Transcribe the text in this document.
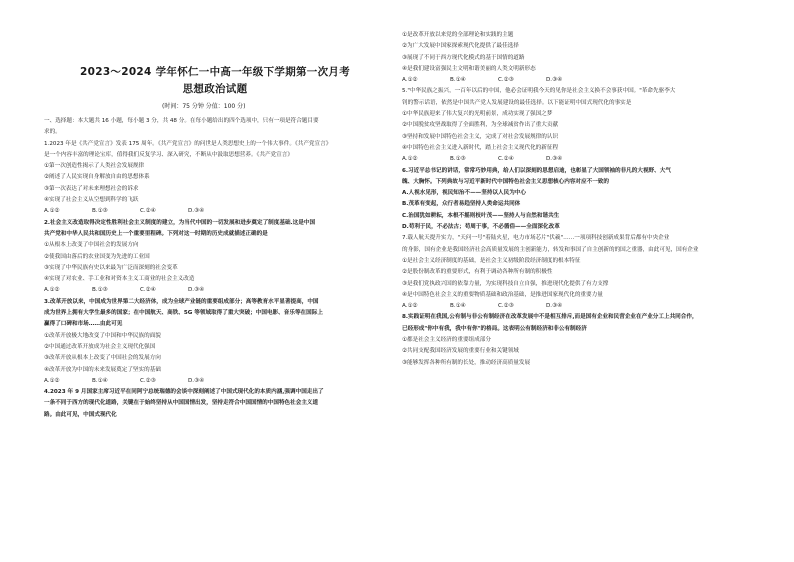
2023～2024 学年怀仁一中高一年级下学期第一次月考
思想政治试题
(时间：75 分钟 分值：100 分)
一、选择题：本大题共 16 小题，每小题 3 分，共 48 分。在每小题给出的四个选项中，只有一项是符合题目要
求的。
1.2023 年是《共产党宣言》发表 175 周年。《共产党宣言》的问世是人类思想史上的一个伟大事件。《共产党宣言》
是一个内容丰富的理论宝库，值得我们反复学习、深入研究，不断从中汲取思想营养。《共产党宣言》
①第一次创造性揭示了人类社会发展规律
②阐述了人民实现自身解放自由的思想体系
③第一次表达了对未来理想社会的诉求
④实现了社会主义从空想到科学的飞跃
A.①②	B.①③	C.②④	D.③④
2.社会主义改造取得决定性胜利社会主义制度的建立，为当代中国的一切发展和进步奠定了制度基础.这是中国
共产党和中华人民共和国历史上一个重要里程碑。下列对这一时期的历史成就描述正确的是
①从根本上改变了中国社会的发展方向
②使我国由落后的农业国变为先进的工业国
③实现了中华民族有史以来最为广泛而深刻的社会变革
④实现了对农业、手工业和对资本主义工商业的社会主义改造
A.①②	B.①③	C.②④	D.③④
3.改革开放以来，中国成为世界第二大经济体，成为全球产业链的重要组成部分；高等教育水平显著提高，中国
成为世界上拥有大学生最多的国家；在中国航天、高铁、5G 等领域取得了重大突破；中国电影、音乐等在国际上
赢得了口碑和市场……由此可见
①改革开放极大地改变了中国和中华民族的面貌
②中国通过改革开放成为社会主义现代化强国
③改革开放从根本上改变了中国社会的发展方向
④改革开放为中国的未来发展奠定了坚实的基础
A.①②	B.①④	C.②③	D.③④
4.2023 年 9 月国家主席习近平在同阿宁总统瑞德的会谈中深刻阐述了中国式现代化的本质内涵,强调中国走出了
一条不同于西方的现代化道路，关键在于始终坚持从中国国情出发，坚持走符合中国国情的中国特色社会主义道
路。由此可见，中国式现代化
①是改革开放以来党的全部理论和实践的主题
②为广大发展中国家探索现代化提供了最佳选择
③展现了不同于西方现代化模式的基于国情的道路
④是我们建设富强民主文明和谐美丽的人类文明新形态
A.①②	B.①④	C.②③	D.③④
5."中华民族之振兴，一百年以后的中国，他必会证明我今天的见你是社会主义换不会事获中国。"革命先驱李大
钊的警示话语，依然是中国共产党人发展建设的最佳选择。以下能证明中国式现代化的事实是
①中华民族迎来了伟大复兴的光明前景，成功实现了强国之梦
②中国脱贫攻坚战取得了全面胜利，为全球减贫作出了重大贡献
③坚持和发展中国特色社会主义，完成了对社会发展规律的认识
④中国特色社会主义进入新时代，踏上社会主义现代化的新征程
A.①②	B.①③	C.②④	D.③④
6.习近平总书记的讲话，常常巧妙用典，给人们以深刻的思想启迪，也彰显了大国领袖的非凡的大视野、大气
魄、大胸怀。下列典故与习近平新时代中国特色社会主义思想核心内容对应不一致的
A.人视水见形，视民知治不——坚持以人民为中心
B.茂革有变起，众行者易趋坚持人类命运共同体
C.治国犹如耕耘，本根不摇则枝叶茂——坚持人与自然和谐共生
D.苟利于民，不必法古；苟周于事，不必循俗——全面深化改革
7.载人航天提升实力，"天问一号"着陆火星，电力市场芯片"伏羲"……一项项科技创新成果背后都有中央企业
的身影，国有企业是我国经济社会高质量发展的主创新能力，转发和事国了自主创新的的国之重器，由此可见，国有企业
①是社会主义经济制度的基础，是社会主义初级阶段经济制度的根本特征
②是股份制改革的重要形式，有利于调动各种所有制的积极性
③是我们党执政兴国的依靠力量，为实现科技自立自强，推进现代化提供了有力支撑
④是中国特色社会主义的重要物质基础和政治基础，是推进国家现代化的重要力量
A.①②	B.①④	C.②③	D.③④
8.实践证明在我国,公有制与非公有制经济在改革发展中不是相互排斥,而是国有企业和民营企业在产业分工上共同合作，
已经形成"你中有我，我中有你"的格局。这表明公有制经济和非公有制经济
①都是社会主义经济的重要组成部分
②共同支配我国经济发展的重要行业和关键领域
③能够发挥各种所有制的长处，推动经济高质量发展
